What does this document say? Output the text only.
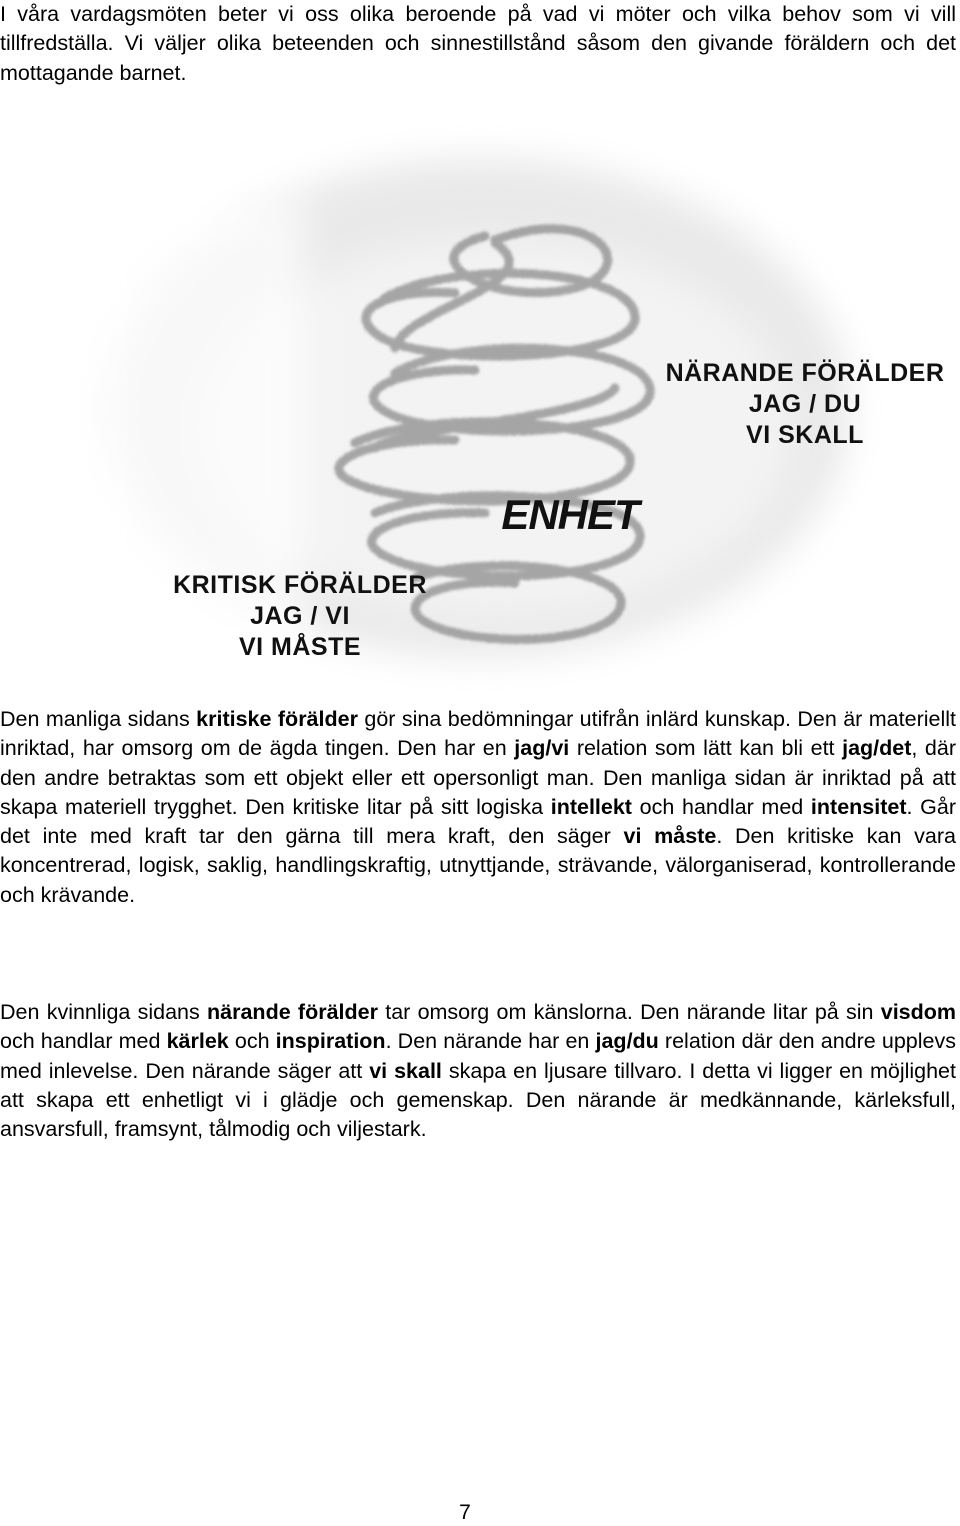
I våra vardagsmöten beter vi oss olika beroende på vad vi möter och vilka behov som vi vill tillfredställa. Vi väljer olika beteenden och sinnestillstånd såsom den givande föräldern och det mottagande barnet.

NÄRANDE FÖRÄLDER
JAG / DU
VI SKALL
ENHET
KRITISK FÖRÄLDER
JAG / VI
VI MÅSTE

Den manliga sidans kritiske förälder gör sina bedömningar utifrån inlärd kunskap. Den är materiellt inriktad, har omsorg om de ägda tingen. Den har en jag/vi relation som lätt kan bli ett jag/det, där den andre betraktas som ett objekt eller ett opersonligt man. Den manliga sidan är inriktad på att skapa materiell trygghet. Den kritiske litar på sitt logiska intellekt och handlar med intensitet. Går det inte med kraft tar den gärna till mera kraft, den säger vi måste. Den kritiske kan vara koncentrerad, logisk, saklig, handlingskraftig, utnyttjande, strävande, välorganiserad, kontrollerande och krävande.

Den kvinnliga sidans närande förälder tar omsorg om känslorna. Den närande litar på sin visdom och handlar med kärlek och inspiration. Den närande har en jag/du relation där den andre upplevs med inlevelse. Den närande säger att vi skall skapa en ljusare tillvaro. I detta vi ligger en möjlighet att skapa ett enhetligt vi i glädje och gemenskap. Den närande är medkännande, kärleksfull, ansvarsfull, framsynt, tålmodig och viljestark.

7
